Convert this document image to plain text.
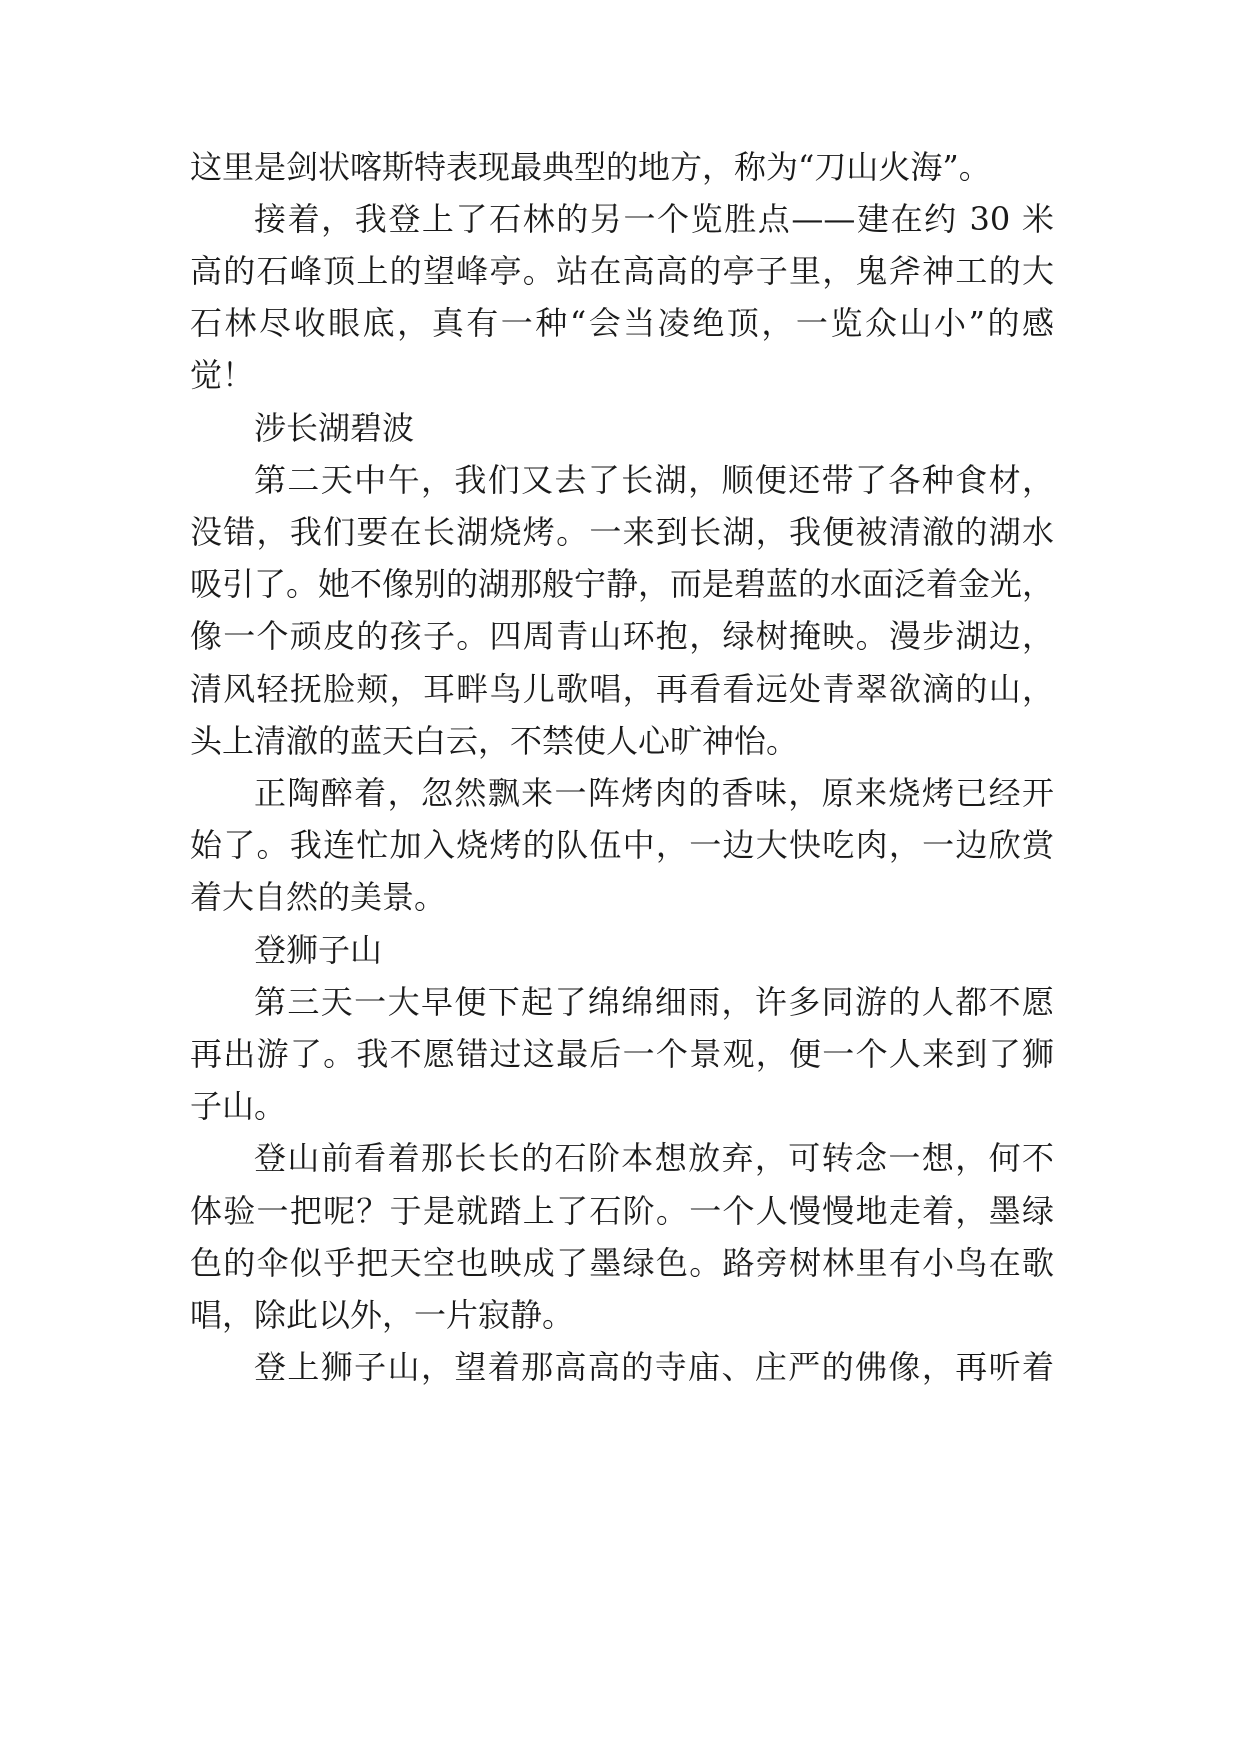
这里是剑状喀斯特表现最典型的地方，称为“刀山火海”。
接着，我登上了石林的另一个览胜点——建在约 30 米
高的石峰顶上的望峰亭。站在高高的亭子里，鬼斧神工的大
石林尽收眼底，真有一种“会当凌绝顶，一览众山小”的感
觉！
涉长湖碧波
第二天中午，我们又去了长湖，顺便还带了各种食材，
没错，我们要在长湖烧烤。一来到长湖，我便被清澈的湖水
吸引了。她不像别的湖那般宁静，而是碧蓝的水面泛着金光，
像一个顽皮的孩子。四周青山环抱，绿树掩映。漫步湖边，
清风轻抚脸颊，耳畔鸟儿歌唱，再看看远处青翠欲滴的山，
头上清澈的蓝天白云，不禁使人心旷神怡。
正陶醉着，忽然飘来一阵烤肉的香味，原来烧烤已经开
始了。我连忙加入烧烤的队伍中，一边大快吃肉，一边欣赏
着大自然的美景。
登狮子山
第三天一大早便下起了绵绵细雨，许多同游的人都不愿
再出游了。我不愿错过这最后一个景观，便一个人来到了狮
子山。
登山前看着那长长的石阶本想放弃，可转念一想，何不
体验一把呢？于是就踏上了石阶。一个人慢慢地走着，墨绿
色的伞似乎把天空也映成了墨绿色。路旁树林里有小鸟在歌
唱，除此以外，一片寂静。
登上狮子山，望着那高高的寺庙、庄严的佛像，再听着
